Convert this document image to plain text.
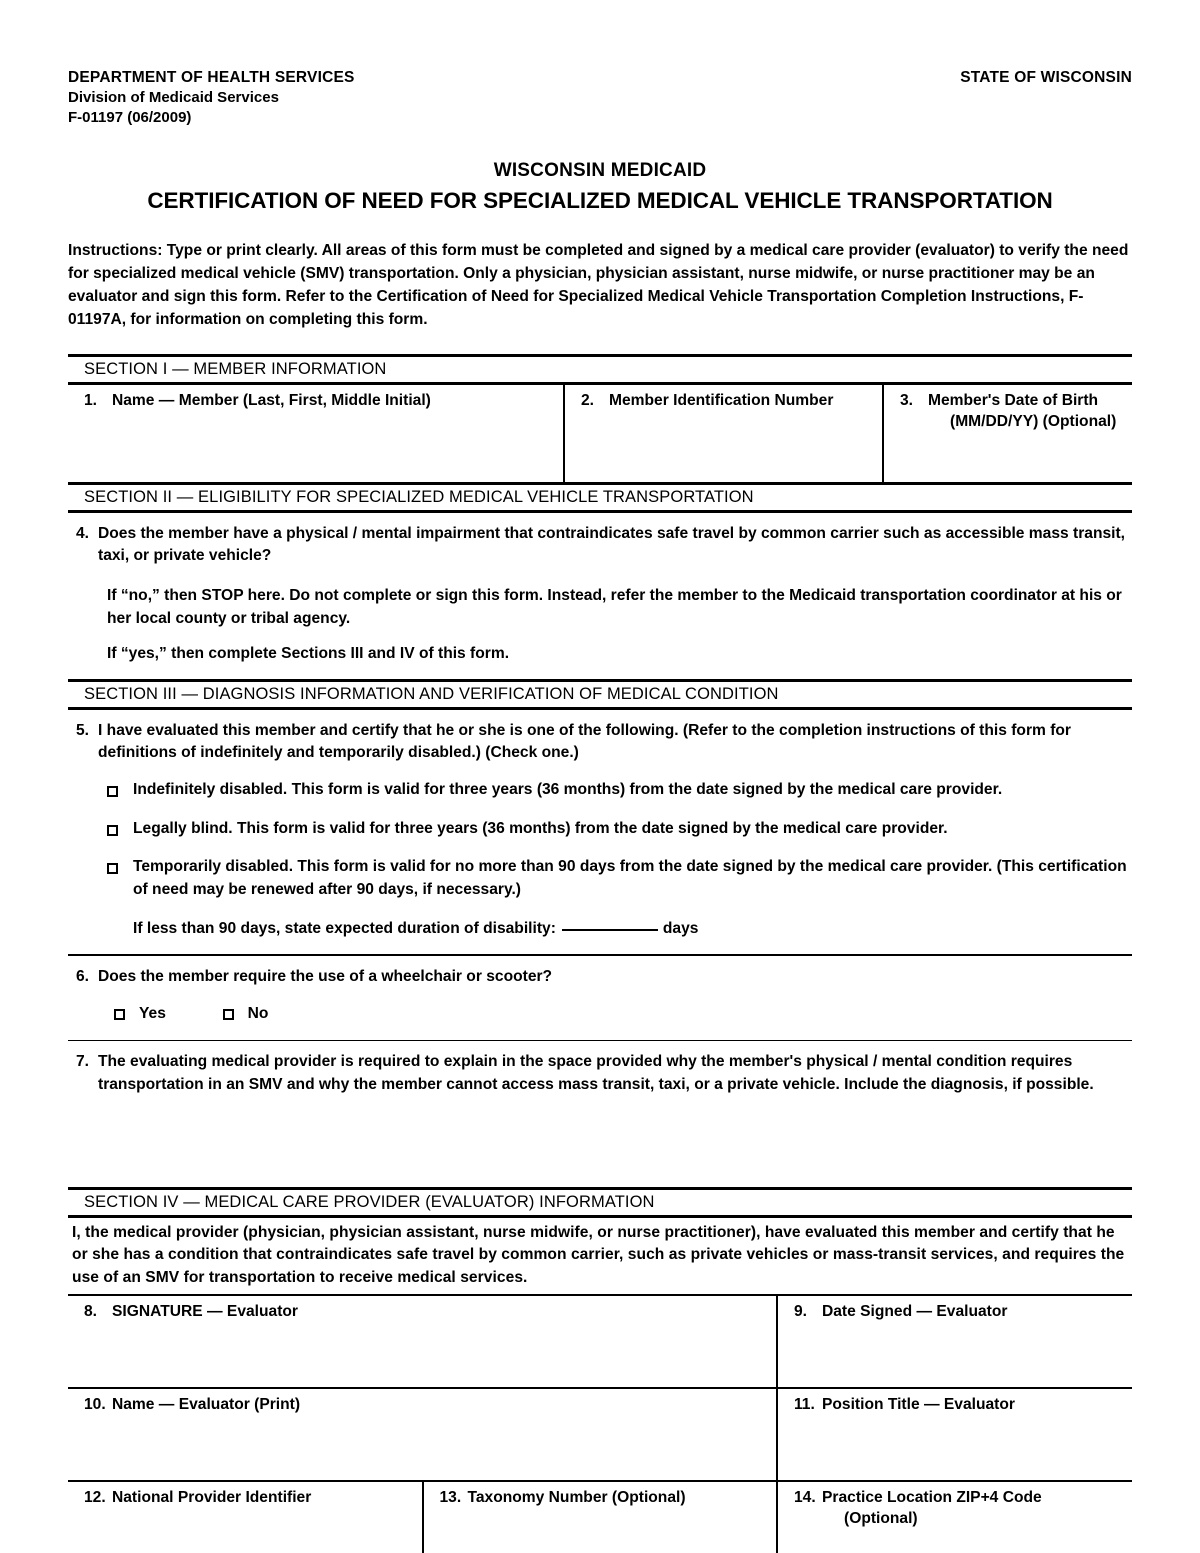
DEPARTMENT OF HEALTH SERVICES
Division of Medicaid Services
F-01197 (06/2009)
STATE OF WISCONSIN
WISCONSIN MEDICAID
CERTIFICATION OF NEED FOR SPECIALIZED MEDICAL VEHICLE TRANSPORTATION
Instructions: Type or print clearly. All areas of this form must be completed and signed by a medical care provider (evaluator) to verify the need for specialized medical vehicle (SMV) transportation. Only a physician, physician assistant, nurse midwife, or nurse practitioner may be an evaluator and sign this form. Refer to the Certification of Need for Specialized Medical Vehicle Transportation Completion Instructions, F-01197A, for information on completing this form.
SECTION I — MEMBER INFORMATION
1. Name — Member (Last, First, Middle Initial)	2. Member Identification Number	3. Member's Date of Birth
(MM/DD/YY) (Optional)
SECTION II — ELIGIBILITY FOR SPECIALIZED MEDICAL VEHICLE TRANSPORTATION
4. Does the member have a physical / mental impairment that contraindicates safe travel by common carrier such as accessible mass transit, taxi, or private vehicle?
If “no,” then STOP here. Do not complete or sign this form. Instead, refer the member to the Medicaid transportation coordinator at his or her local county or tribal agency.
If “yes,” then complete Sections III and IV of this form.
SECTION III — DIAGNOSIS INFORMATION AND VERIFICATION OF MEDICAL CONDITION
5. I have evaluated this member and certify that he or she is one of the following. (Refer to the completion instructions of this form for definitions of indefinitely and temporarily disabled.) (Check one.)
Indefinitely disabled. This form is valid for three years (36 months) from the date signed by the medical care provider.
Legally blind. This form is valid for three years (36 months) from the date signed by the medical care provider.
Temporarily disabled. This form is valid for no more than 90 days from the date signed by the medical care provider. (This certification of need may be renewed after 90 days, if necessary.)
If less than 90 days, state expected duration of disability:	days
6. Does the member require the use of a wheelchair or scooter?
Yes
	No
7. The evaluating medical provider is required to explain in the space provided why the member's physical / mental condition requires transportation in an SMV and why the member cannot access mass transit, taxi, or a private vehicle. Include the diagnosis, if possible.
SECTION IV — MEDICAL CARE PROVIDER (EVALUATOR) INFORMATION
I, the medical provider (physician, physician assistant, nurse midwife, or nurse practitioner), have evaluated this member and certify that he or she has a condition that contraindicates safe travel by common carrier, such as private vehicles or mass-transit services, and requires the use of an SMV for transportation to receive medical services.
8. SIGNATURE — Evaluator		9. Date Signed — Evaluator

10. Name — Evaluator (Print)		11. Position Title — Evaluator

12. National Provider Identifier	13. Taxonomy Number (Optional)	14. Practice Location ZIP+4 Code
(Optional)
